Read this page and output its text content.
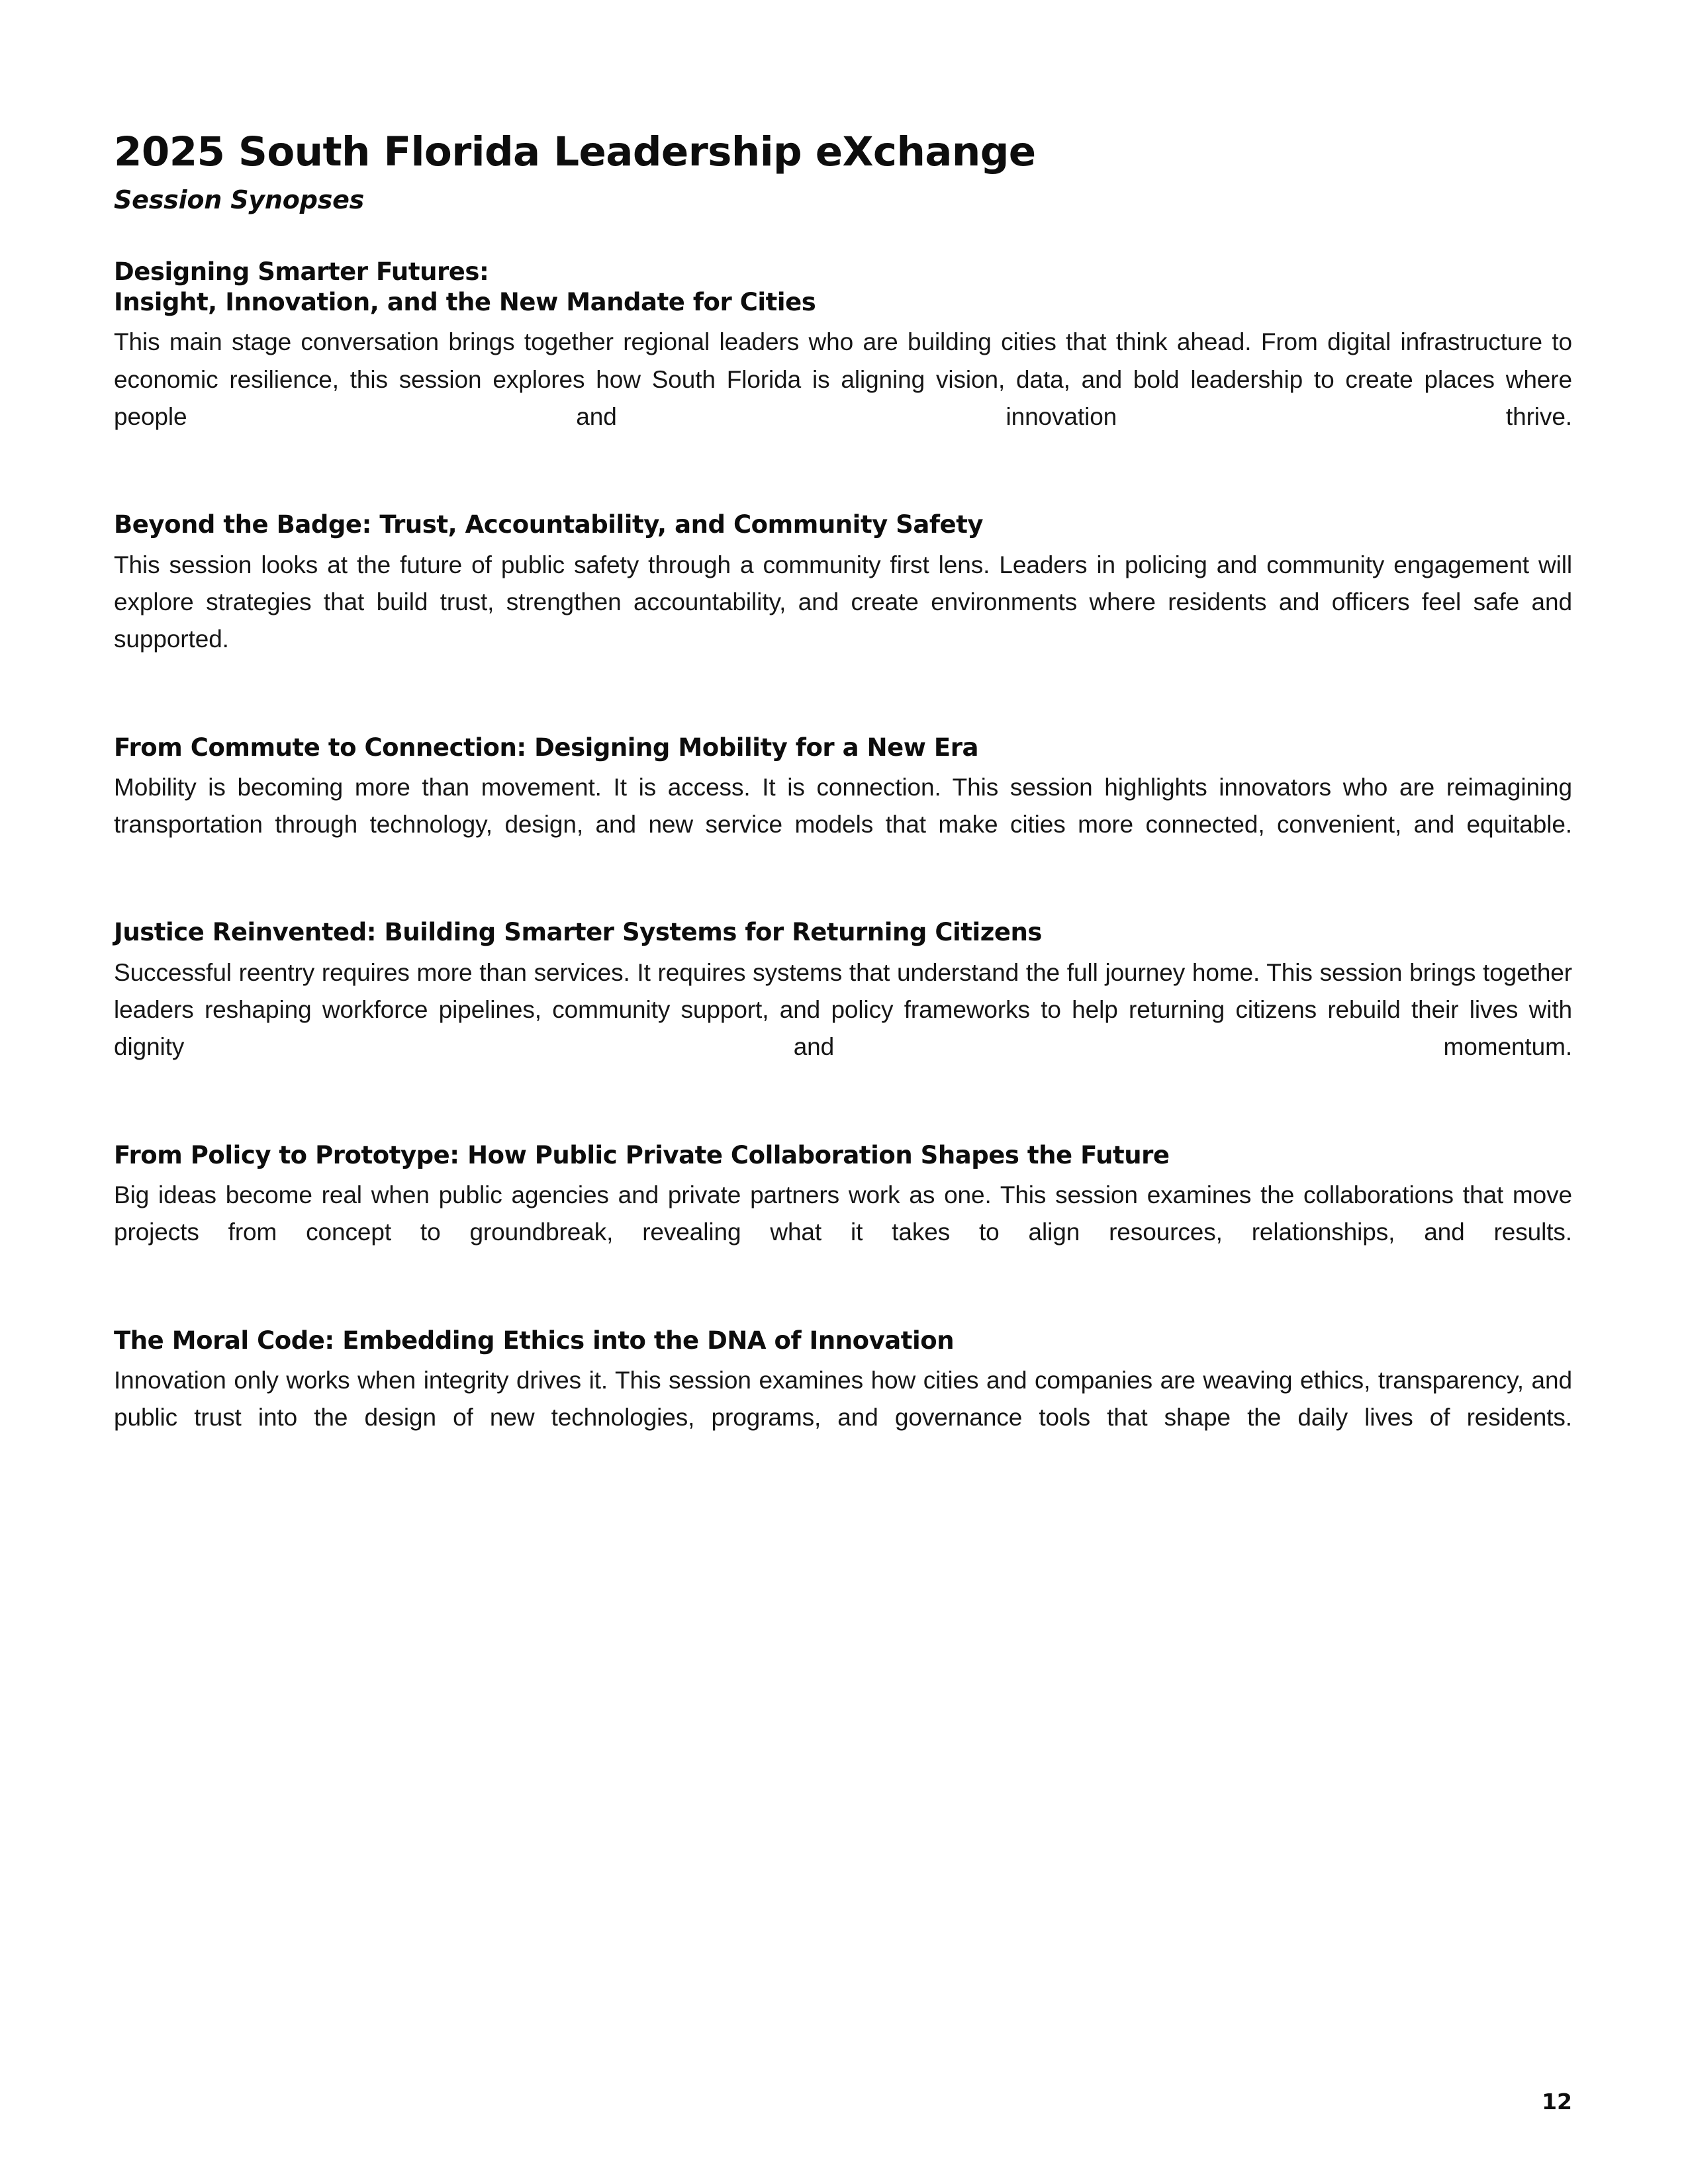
2025 South Florida Leadership eXchange
Session Synopses
Designing Smarter Futures:
Insight, Innovation, and the New Mandate for Cities

This main stage conversation brings together regional leaders who are building cities that think ahead. From digital infrastructure to economic resilience, this session explores how South Florida is aligning vision, data, and bold leadership to create places where people and innovation thrive.

Beyond the Badge: Trust, Accountability, and Community Safety

This session looks at the future of public safety through a community first lens. Leaders in policing and community engagement will explore strategies that build trust, strengthen accountability, and create environments where residents and officers feel safe and supported.

From Commute to Connection: Designing Mobility for a New Era

Mobility is becoming more than movement. It is access. It is connection. This session highlights innovators who are reimagining transportation through technology, design, and new service models that make cities more connected, convenient, and equitable.

Justice Reinvented: Building Smarter Systems for Returning Citizens

Successful reentry requires more than services. It requires systems that understand the full journey home. This session brings together leaders reshaping workforce pipelines, community support, and policy frameworks to help returning citizens rebuild their lives with dignity and momentum.

From Policy to Prototype: How Public Private Collaboration Shapes the Future

Big ideas become real when public agencies and private partners work as one. This session examines the collaborations that move projects from concept to groundbreak, revealing what it takes to align resources, relationships, and results.

The Moral Code: Embedding Ethics into the DNA of Innovation

Innovation only works when integrity drives it. This session examines how cities and companies are weaving ethics, transparency, and public trust into the design of new technologies, programs, and governance tools that shape the daily lives of residents.

12
